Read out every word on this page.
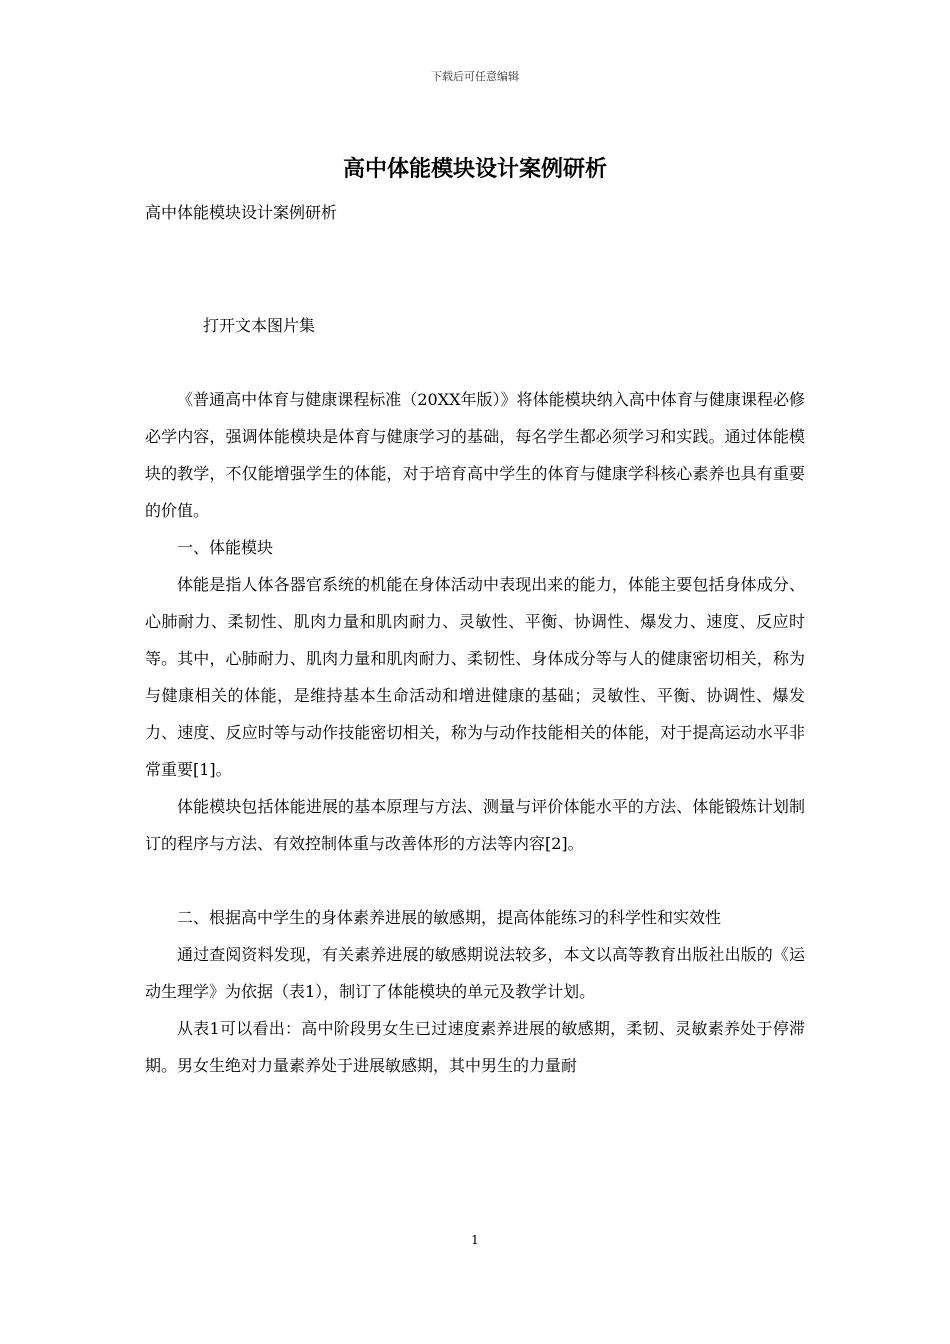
下载后可任意编辑
高中体能模块设计案例研析

高中体能模块设计案例研析

打开文本图片集

《普通高中体育与健康课程标准（20XX年版）》将体能模块纳入高中体育与健康课程必修必学内容，强调体能模块是体育与健康学习的基础，每名学生都必须学习和实践。通过体能模块的教学，不仅能增强学生的体能，对于培育高中学生的体育与健康学科核心素养也具有重要的价值。

一、体能模块

体能是指人体各器官系统的机能在身体活动中表现出来的能力，体能主要包括身体成分、心肺耐力、柔韧性、肌肉力量和肌肉耐力、灵敏性、平衡、协调性、爆发力、速度、反应时等。其中，心肺耐力、肌肉力量和肌肉耐力、柔韧性、身体成分等与人的健康密切相关，称为与健康相关的体能，是维持基本生命活动和增进健康的基础；灵敏性、平衡、协调性、爆发力、速度、反应时等与动作技能密切相关，称为与动作技能相关的体能，对于提高运动水平非常重要[1]。

体能模块包括体能进展的基本原理与方法、测量与评价体能水平的方法、体能锻炼计划制订的程序与方法、有效控制体重与改善体形的方法等内容[2]。

二、根据高中学生的身体素养进展的敏感期，提高体能练习的科学性和实效性

通过查阅资料发现，有关素养进展的敏感期说法较多，本文以高等教育出版社出版的《运动生理学》为依据（表1），制订了体能模块的单元及教学计划。

从表1可以看出：高中阶段男女生已过速度素养进展的敏感期，柔韧、灵敏素养处于停滞期。男女生绝对力量素养处于进展敏感期，其中男生的力量耐

1
